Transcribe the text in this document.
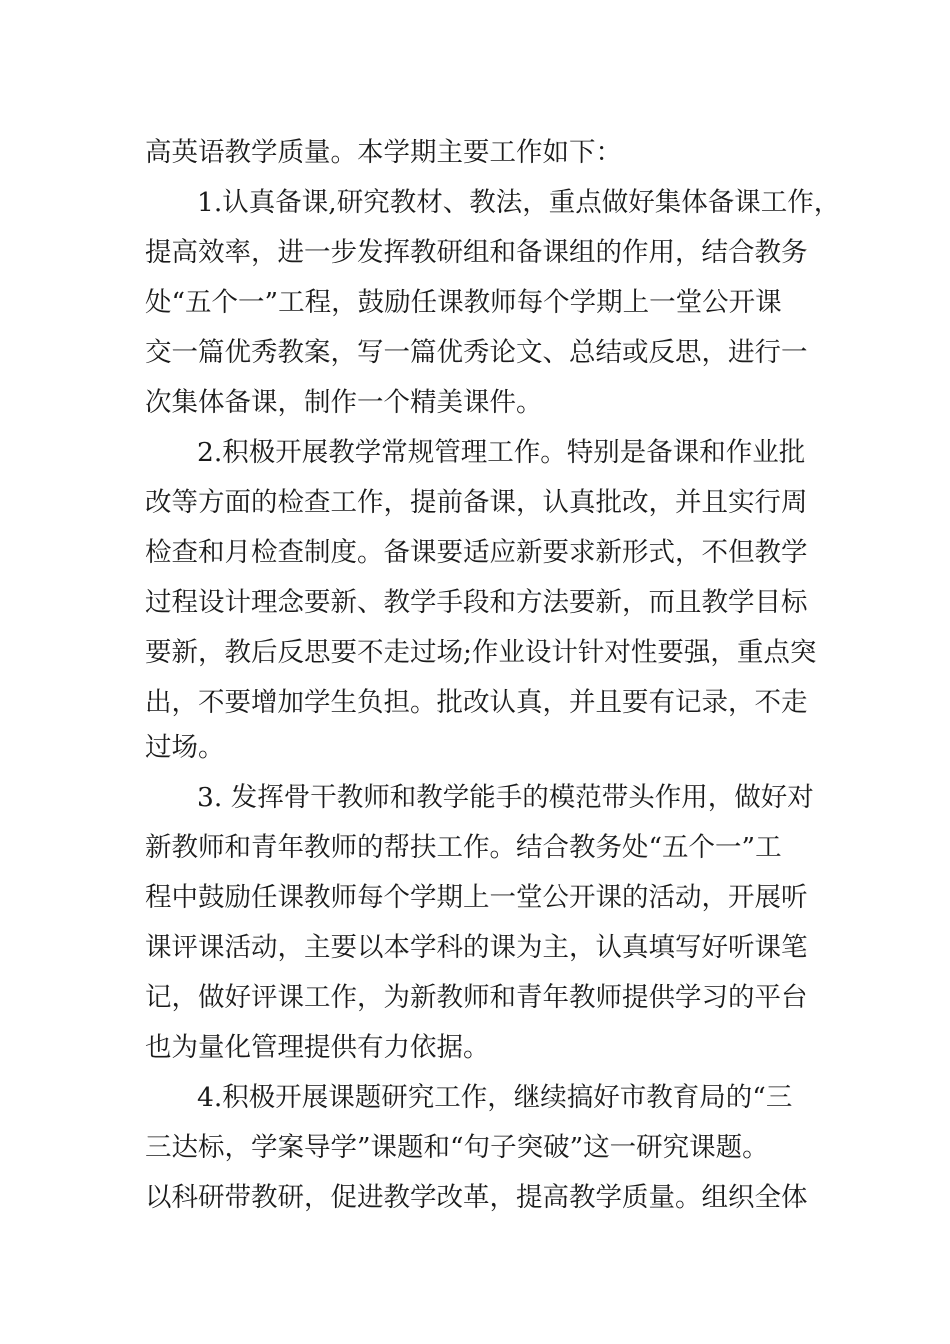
高英语教学质量。本学期主要工作如下：
1.认真备课,研究教材、教法，重点做好集体备课工作，
提高效率，进一步发挥教研组和备课组的作用，结合教务
处“五个一”工程，鼓励任课教师每个学期上一堂公开课
交一篇优秀教案，写一篇优秀论文、总结或反思，进行一
次集体备课，制作一个精美课件。
2.积极开展教学常规管理工作。特别是备课和作业批
改等方面的检查工作，提前备课，认真批改，并且实行周
检查和月检查制度。备课要适应新要求新形式，不但教学
过程设计理念要新、教学手段和方法要新，而且教学目标
要新，教后反思要不走过场;作业设计针对性要强，重点突
出，不要增加学生负担。批改认真，并且要有记录，不走
过场。
3. 发挥骨干教师和教学能手的模范带头作用，做好对
新教师和青年教师的帮扶工作。结合教务处“五个一”工
程中鼓励任课教师每个学期上一堂公开课的活动，开展听
课评课活动，主要以本学科的课为主，认真填写好听课笔
记，做好评课工作，为新教师和青年教师提供学习的平台
也为量化管理提供有力依据。
4.积极开展课题研究工作，继续搞好市教育局的“三
三达标，学案导学”课题和“句子突破”这一研究课题。
以科研带教研，促进教学改革，提高教学质量。组织全体
